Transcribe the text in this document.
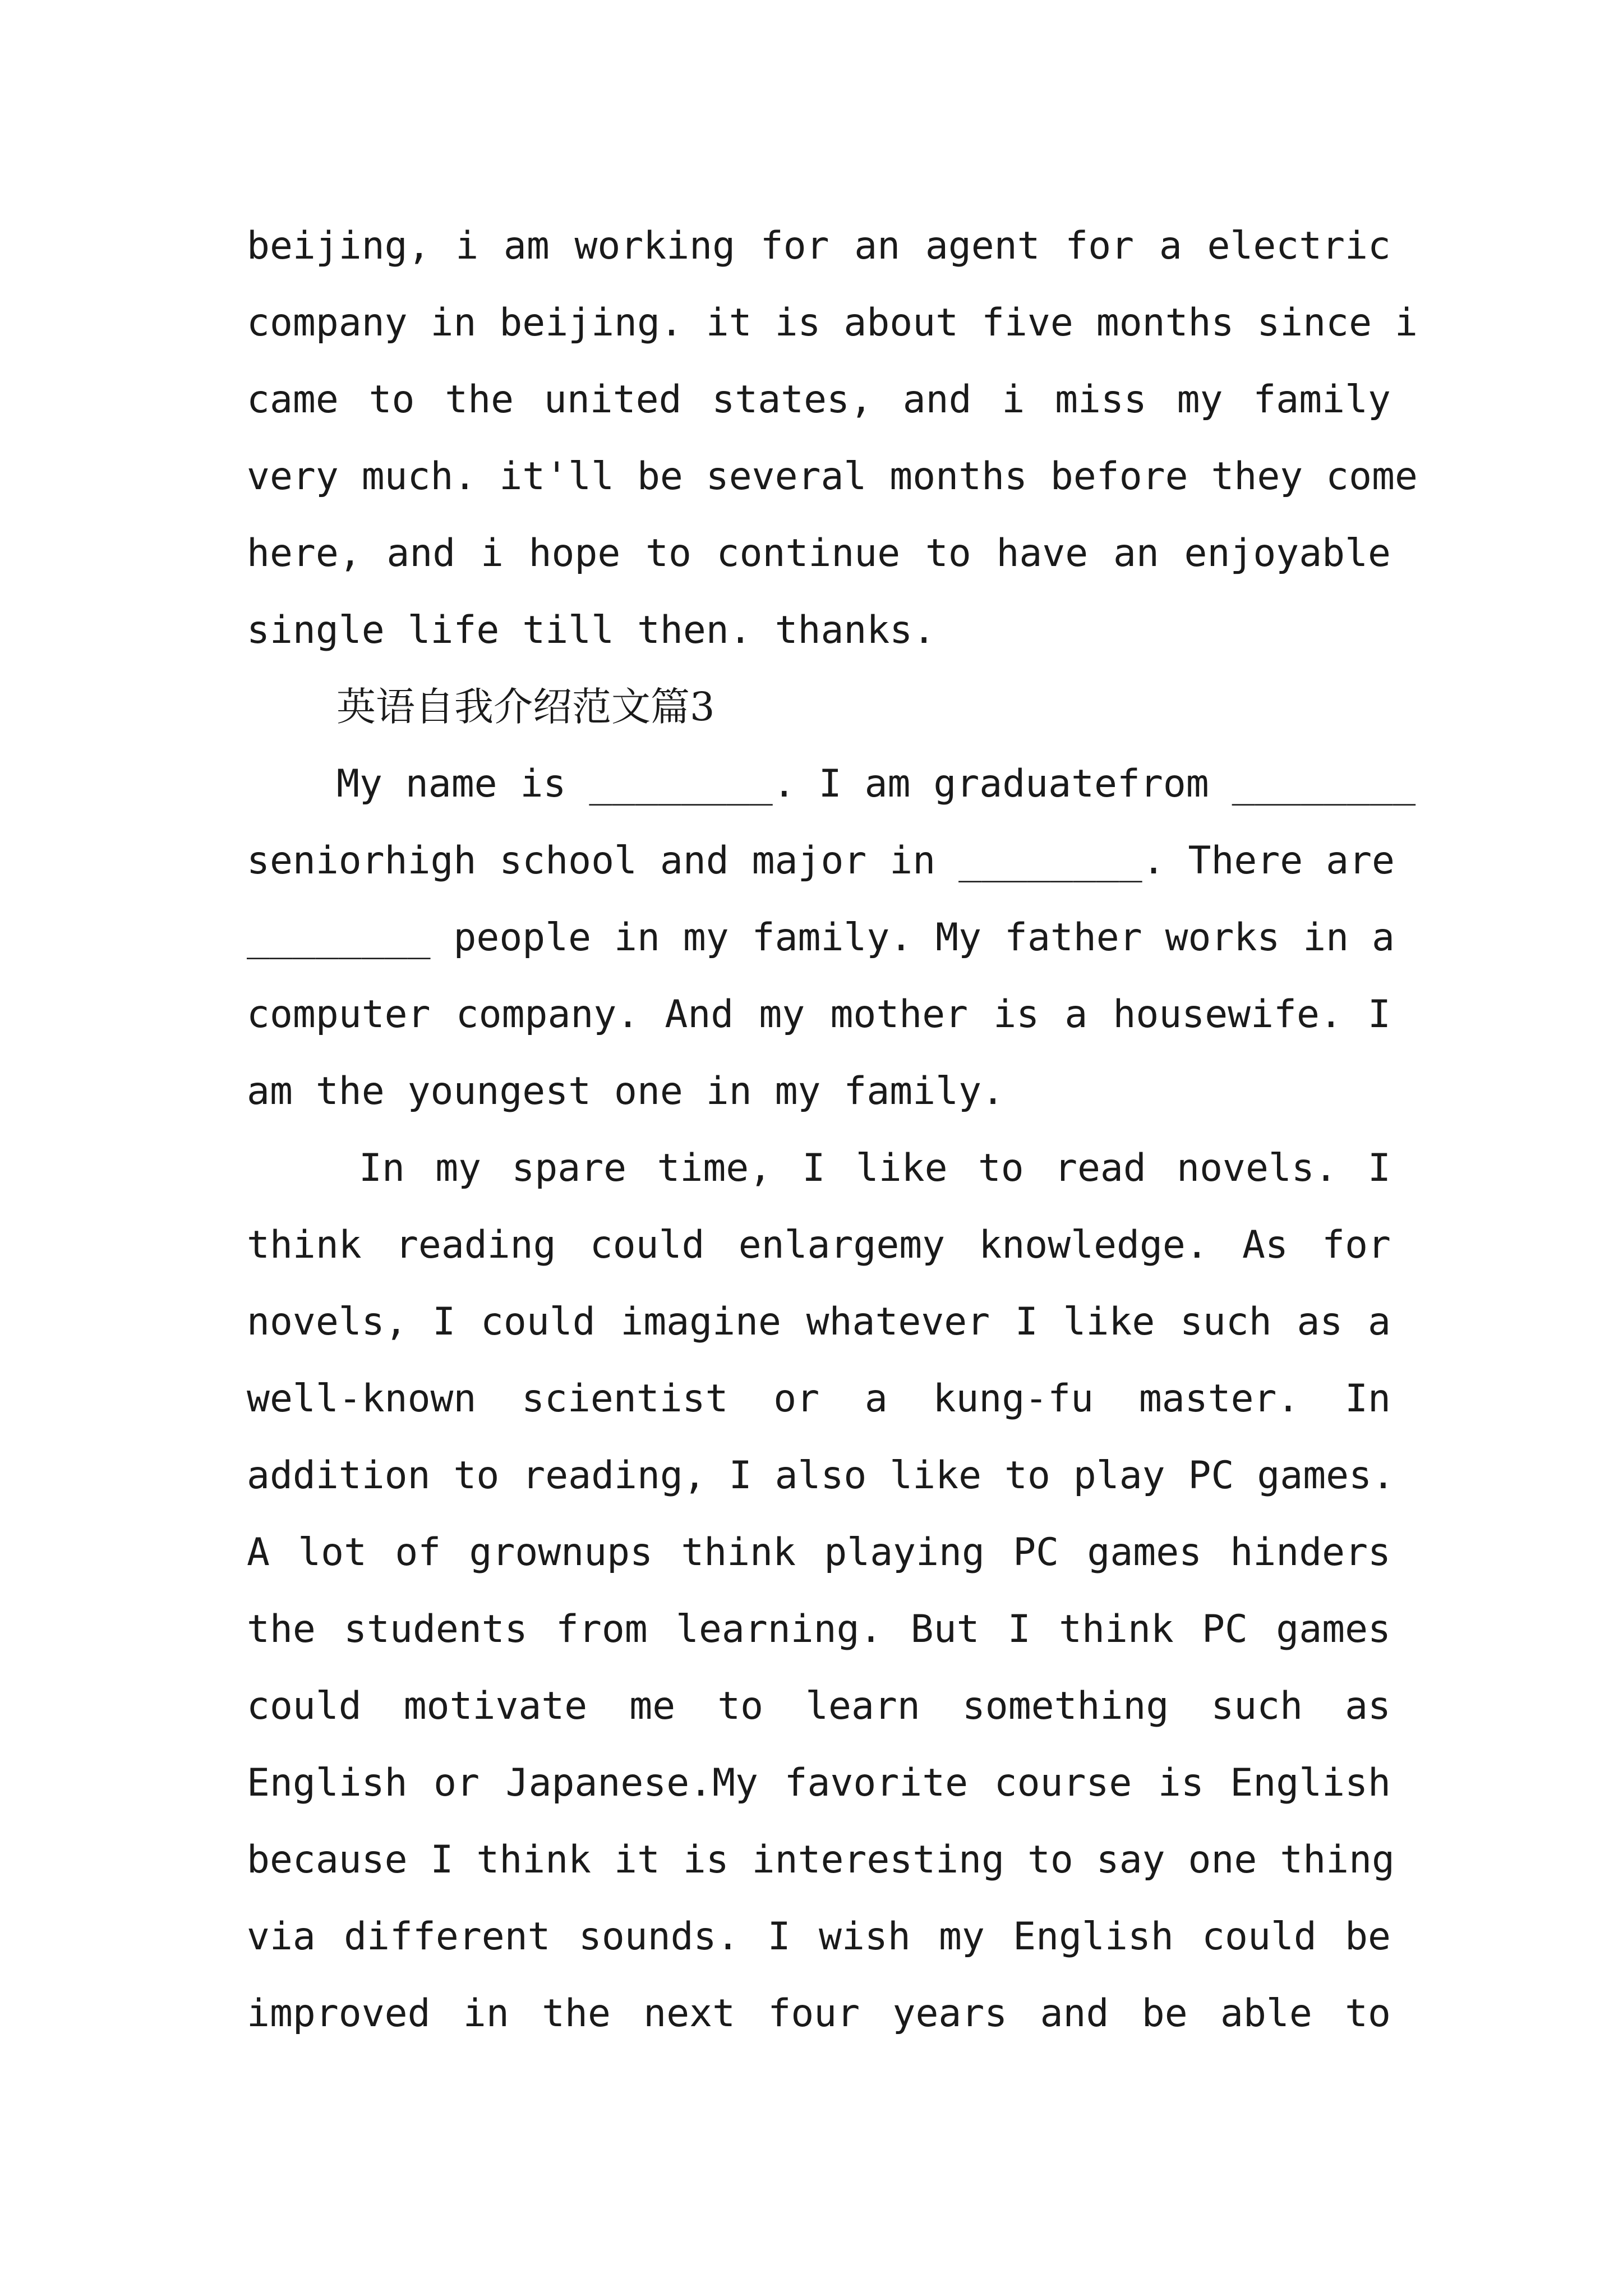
beijing, i am working for an agent for a electric
company in beijing. it is about five months since i
came to the united states, and i miss my family
very much. it'll be several months before they come
here, and i hope to continue to have an enjoyable
single life till then. thanks.
英语自我介绍范文篇3
My name is ________. I am graduatefrom ________
seniorhigh school and major in ________. There are
________ people in my family. My father works in a
computer company. And my mother is a housewife. I
am the youngest one in my family.
In my spare time, I like to read novels. I
think reading could enlargemy knowledge. As for
novels, I could imagine whatever I like such as a
well-known scientist or a kung-fu master. In
addition to reading, I also like to play PC games.
A lot of grownups think playing PC games hinders
the students from learning. But I think PC games
could motivate me to learn something such as
English or Japanese.My favorite course is English
because I think it is interesting to say one thing
via different sounds. I wish my English could be
improved in the next four years and be able to
